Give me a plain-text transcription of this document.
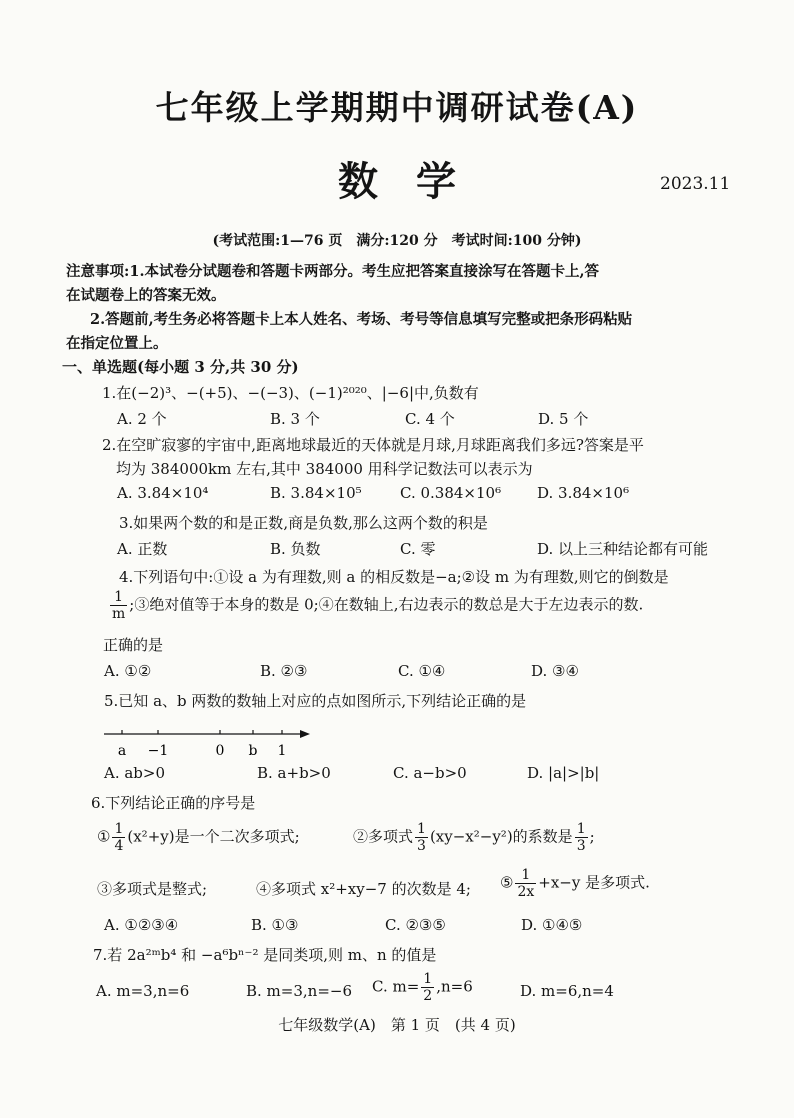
七年级上学期期中调研试卷(A)
数学	2023.11
(考试范围:1—76 页　满分:120 分　考试时间:100 分钟)
注意事项:1.本试卷分试题卷和答题卡两部分。考生应把答案直接涂写在答题卡上,答
在试题卷上的答案无效。
2.答题前,考生务必将答题卡上本人姓名、考场、考号等信息填写完整或把条形码粘贴
在指定位置上。
一、单选题(每小题 3 分,共 30 分)
1.在(−2)³、−(+5)、−(−3)、(−1)²⁰²⁰、|−6|中,负数有
A. 2 个	B. 3 个	C. 4 个	D. 5 个
2.在空旷寂寥的宇宙中,距离地球最近的天体就是月球,月球距离我们多远?答案是平
均为 384000km 左右,其中 384000 用科学记数法可以表示为
A. 3.84×10⁴	B. 3.84×10⁵	C. 0.384×10⁶ D. 3.84×10⁶
3.如果两个数的和是正数,商是负数,那么这两个数的积是
A. 正数	B. 负数	C. 零	D. 以上三种结论都有可能
4.下列语句中:①设 a 为有理数,则 a 的相反数是−a;②设 m 为有理数,则它的倒数是
$\frac{1}{m}$ ;③绝对值等于本身的数是 0;④在数轴上,右边表示的数总是大于左边表示的数.
正确的是
A. ①②	B. ②③	C. ①④	D. ③④
5.已知 a、b 两数的数轴上对应的点如图所示,下列结论正确的是
a −1	0 b 1
A. ab>0	B. a+b>0	C. a−b>0	D. |a|>|b|
6.下列结论正确的序号是
① $\frac{1}{4} (x^2+y)$是一个二次多项式;	②多项式 $\frac{1}{3} (xy-x^2-y^2)$的系数是 $\frac{1}{3}$ ;
③多项式是整式;	④多项式 x²+xy−7 的次数是 4; ⑤ $\frac{1}{2x} +x-y$ 是多项式.
A. ①②③④	B. ①③	C. ②③⑤	D. ①④⑤
7.若 2a²ᵐb⁴ 和 −a⁶bⁿ⁻² 是同类项,则 m、n 的值是
A. m=3,n=6	B. m=3,n=−6 C. $m= \frac{1}{2} ,n=6$	D. m=6,n=4
七年级数学(A)　第 1 页　(共 4 页)
